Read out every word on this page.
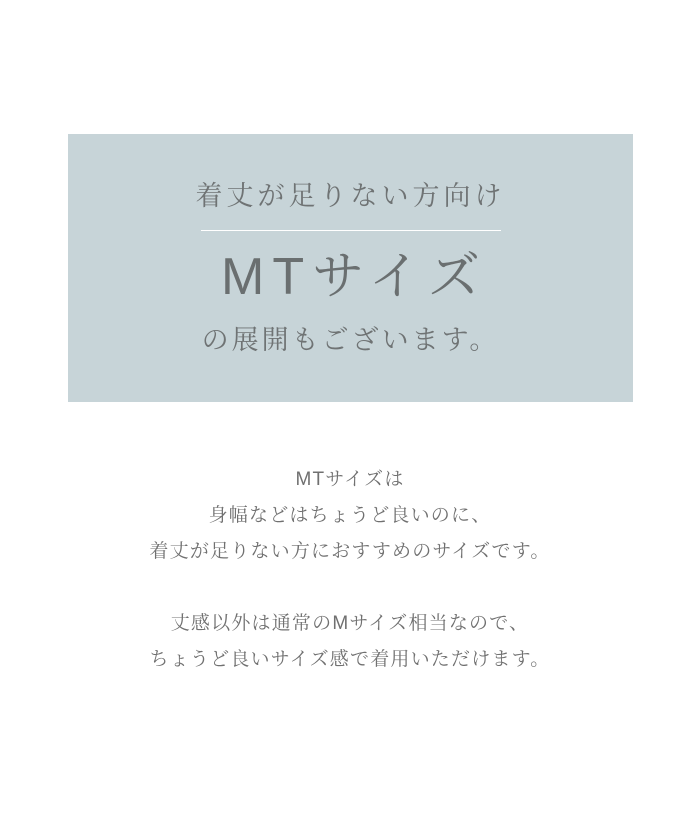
着丈が足りない方向け
MTサイズ
の展開もございます。

MTサイズは

身幅などはちょうど良いのに、

着丈が足りない方におすすめのサイズです。

丈感以外は通常のMサイズ相当なので、

ちょうど良いサイズ感で着用いただけます。
